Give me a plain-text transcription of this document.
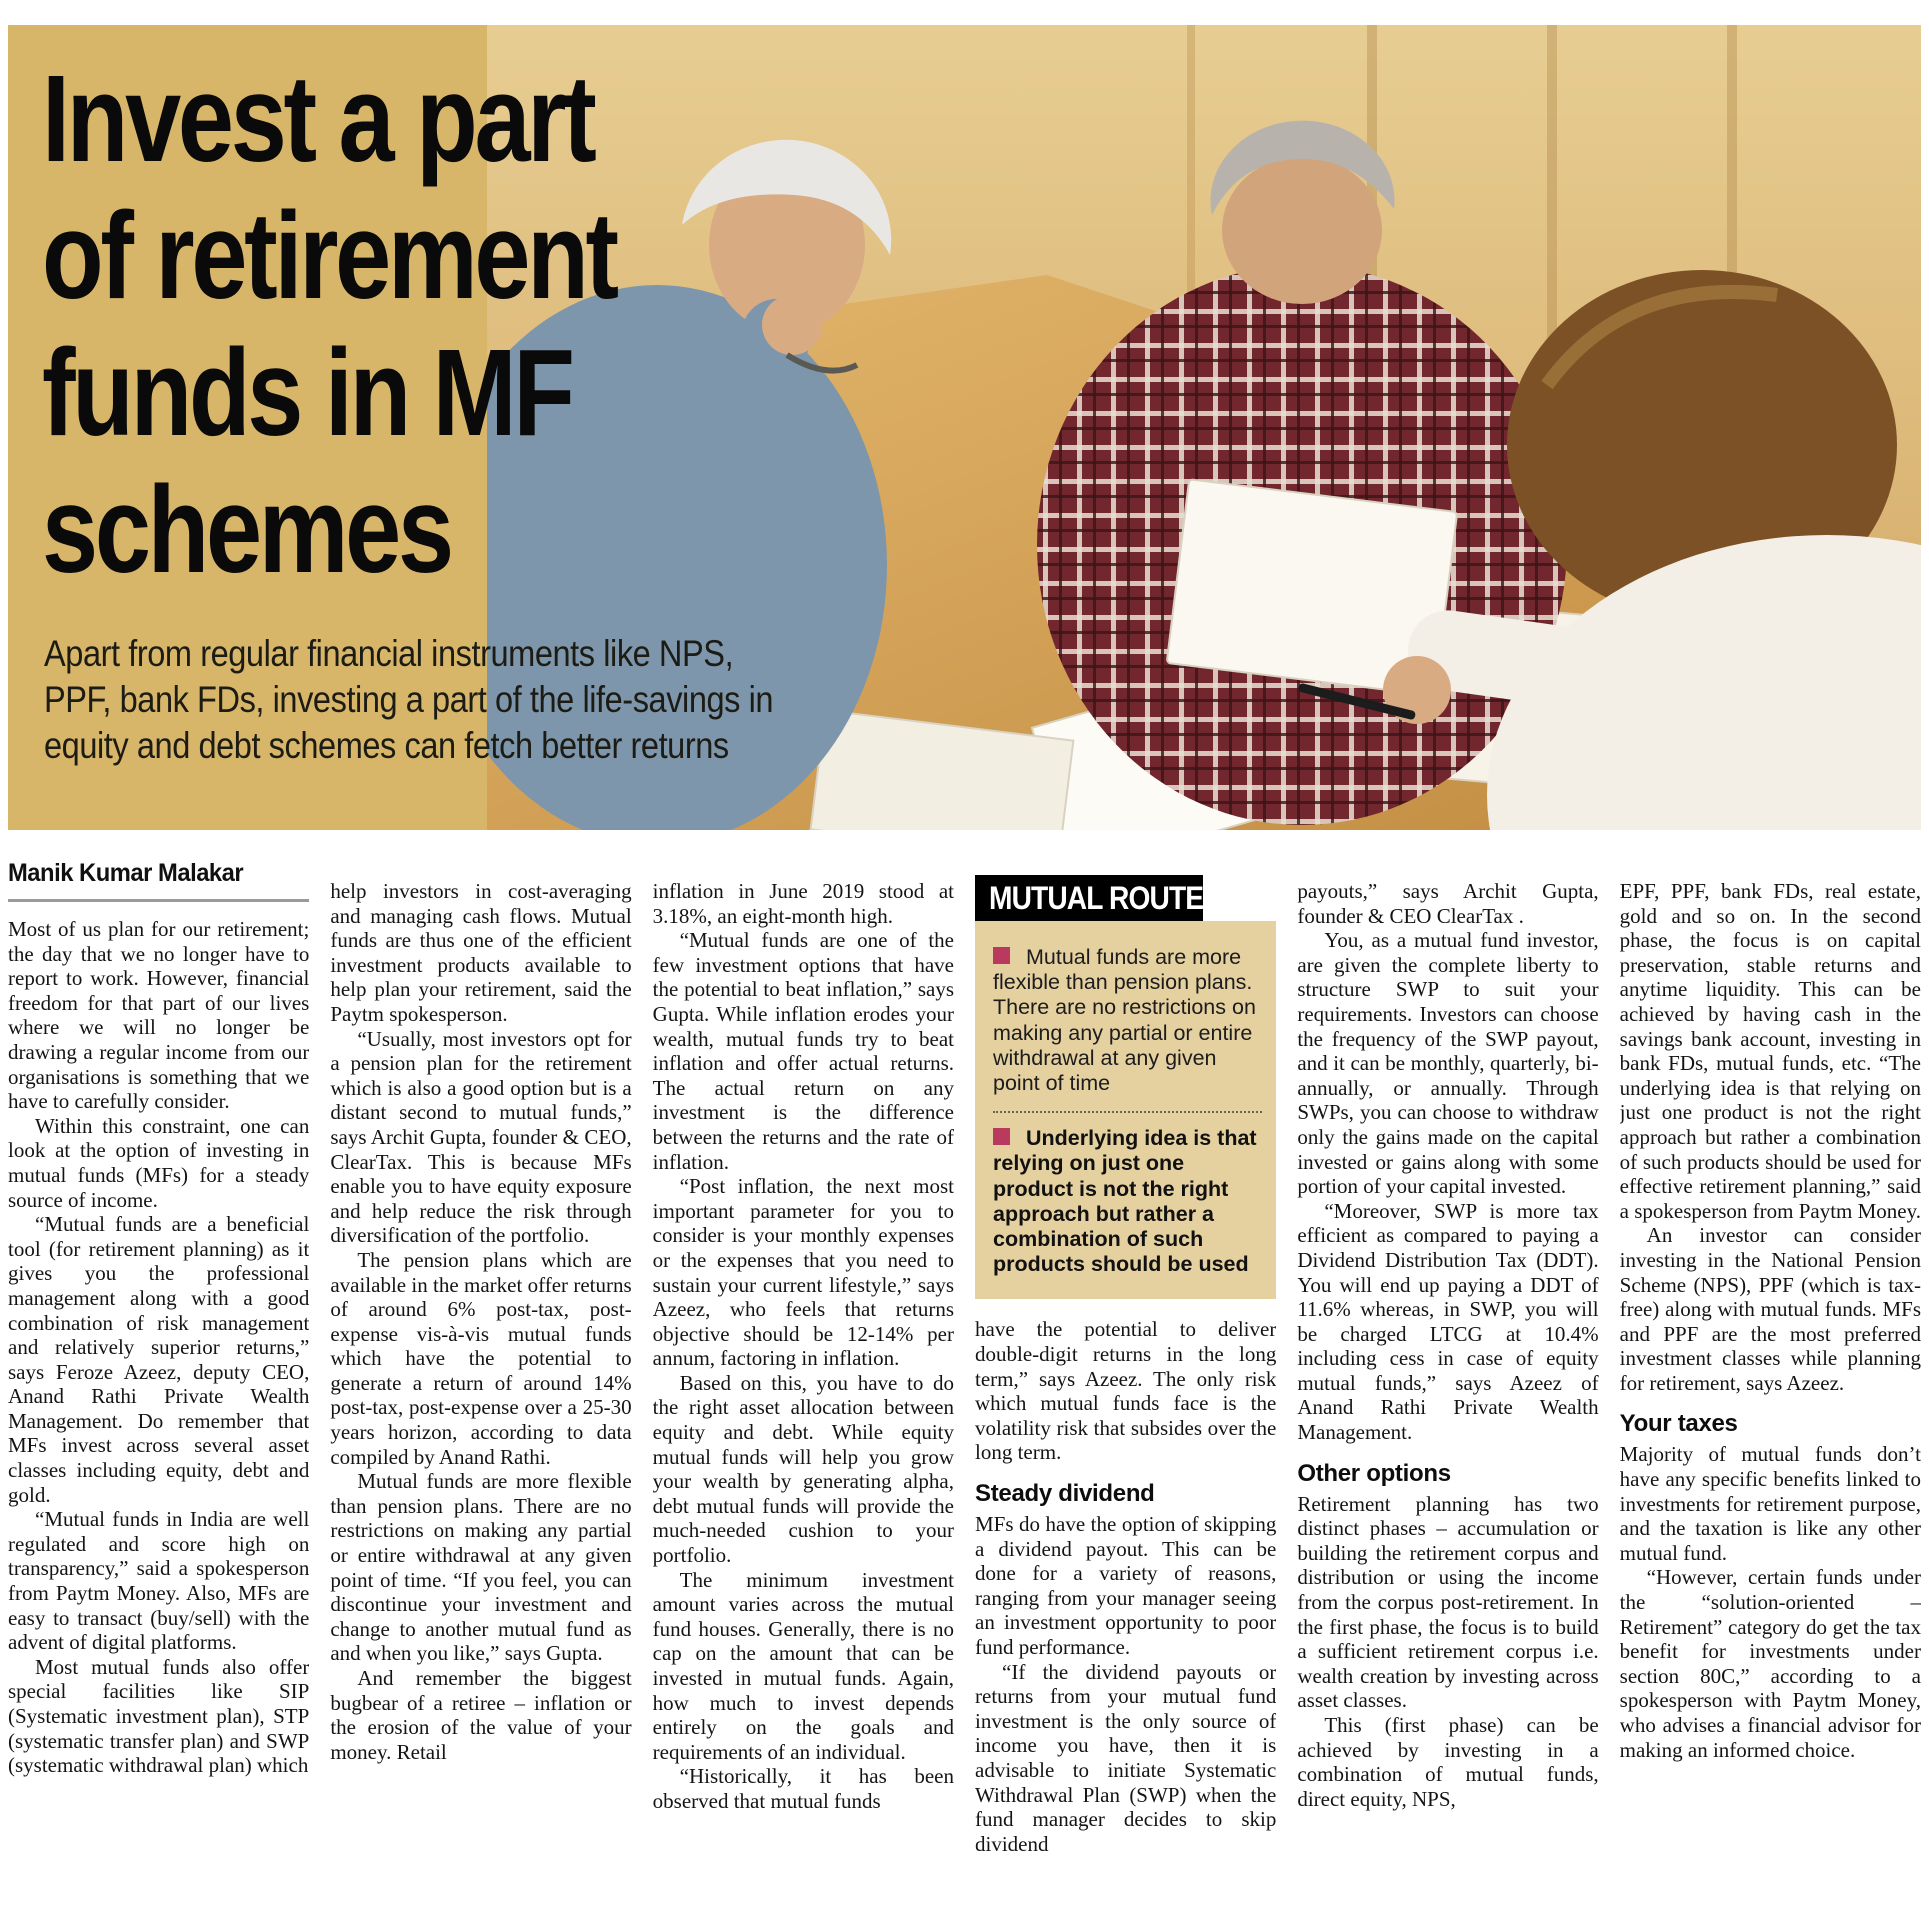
Invest a part
of retirement
funds in MF
schemes
Apart from regular financial instruments like NPS,
PPF, bank FDs, investing a part of the life-savings in
equity and debt schemes can fetch better returns
Manik Kumar Malakar

Most of us plan for our retirement; the day that we no longer have to report to work. However, financial freedom for that part of our lives where we will no longer be drawing a regular income from our organisations is something that we have to carefully consider.

Within this constraint, one can look at the option of investing in mutual funds (MFs) for a steady source of income.

“Mutual funds are a beneficial tool (for retirement planning) as it gives you the professional management along with a good combination of risk management and relatively superior returns,” says Feroze Azeez, deputy CEO, Anand Rathi Private Wealth Management. Do remember that MFs invest across several asset classes including equity, debt and gold.

“Mutual funds in India are well regulated and score high on transparency,” said a spokesperson from Paytm Money. Also, MFs are easy to transact (buy/sell) with the advent of digital platforms.

Most mutual funds also offer special facilities like SIP (Systematic investment plan), STP (systematic transfer plan) and SWP (systematic withdrawal plan) which

help investors in cost-averaging and managing cash flows. Mutual funds are thus one of the efficient investment products available to help plan your retirement, said the Paytm spokesperson.

“Usually, most investors opt for a pension plan for the retirement which is also a good option but is a distant second to mutual funds,” says Archit Gupta, founder & CEO, ClearTax. This is because MFs enable you to have equity exposure and help reduce the risk through diversification of the portfolio.

The pension plans which are available in the market offer returns of around 6% post-tax, post-expense vis-à-vis mutual funds which have the potential to generate a return of around 14% post-tax, post-expense over a 25-30 years horizon, according to data compiled by Anand Rathi.

Mutual funds are more flexible than pension plans. There are no restrictions on making any partial or entire withdrawal at any given point of time. “If you feel, you can discontinue your investment and change to another mutual fund as and when you like,” says Gupta.

And remember the biggest bugbear of a retiree – inflation or the erosion of the value of your money. Retail

inflation in June 2019 stood at 3.18%, an eight-month high.

“Mutual funds are one of the few investment options that have the potential to beat inflation,” says Gupta. While inflation erodes your wealth, mutual funds try to beat inflation and offer actual returns. The actual return on any investment is the difference between the returns and the rate of inflation.

“Post inflation, the next most important parameter for you to consider is your monthly expenses or the expenses that you need to sustain your current lifestyle,” says Azeez, who feels that returns objective should be 12-14% per annum, factoring in inflation.

Based on this, you have to do the right asset allocation between equity and debt. While equity mutual funds will help you grow your wealth by generating alpha, debt mutual funds will provide the much-needed cushion to your portfolio.

The minimum investment amount varies across the mutual fund houses. Generally, there is no cap on the amount that can be invested in mutual funds. Again, how much to invest depends entirely on the goals and requirements of an individual.

“Historically, it has been observed that mutual funds

MUTUAL ROUTE

Mutual funds are more flexible than pension plans. There are no restrictions on making any partial or entire withdrawal at any given point of time

Underlying idea is that relying on just one product is not the right approach but rather a combination of such products should be used

have the potential to deliver double-digit returns in the long term,” says Azeez. The only risk which mutual funds face is the volatility risk that subsides over the long term.

Steady dividend

MFs do have the option of skipping a dividend payout. This can be done for a variety of reasons, ranging from your manager seeing an investment opportunity to poor fund performance.

“If the dividend payouts or returns from your mutual fund investment is the only source of income you have, then it is advisable to initiate Systematic Withdrawal Plan (SWP) when the fund manager decides to skip dividend

payouts,” says Archit Gupta, founder & CEO ClearTax .

You, as a mutual fund investor, are given the complete liberty to structure SWP to suit your requirements. Investors can choose the frequency of the SWP payout, and it can be monthly, quarterly, bi-annually, or annually. Through SWPs, you can choose to withdraw only the gains made on the capital invested or gains along with some portion of your capital invested.

“Moreover, SWP is more tax efficient as compared to paying a Dividend Distribution Tax (DDT). You will end up paying a DDT of 11.6% whereas, in SWP, you will be charged LTCG at 10.4% including cess in case of equity mutual funds,” says Azeez of Anand Rathi Private Wealth Management.

Other options

Retirement planning has two distinct phases – accumulation or building the retirement corpus and distribution or using the income from the corpus post-retirement. In the first phase, the focus is to build a sufficient retirement corpus i.e. wealth creation by investing across asset classes.

This (first phase) can be achieved by investing in a combination of mutual funds, direct equity, NPS,

EPF, PPF, bank FDs, real estate, gold and so on. In the second phase, the focus is on capital preservation, stable returns and anytime liquidity. This can be achieved by having cash in the savings bank account, investing in bank FDs, mutual funds, etc. “The underlying idea is that relying on just one product is not the right approach but rather a combination of such products should be used for effective retirement planning,” said a spokesperson from Paytm Money.

An investor can consider investing in the National Pension Scheme (NPS), PPF (which is tax-free) along with mutual funds. MFs and PPF are the most preferred investment classes while planning for retirement, says Azeez.

Your taxes

Majority of mutual funds don’t have any specific benefits linked to investments for retirement purpose, and the taxation is like any other mutual fund.

“However, certain funds under the “solution-oriented – Retirement” category do get the tax benefit for investments under section 80C,” according to a spokesperson with Paytm Money, who advises a financial advisor for making an informed choice.
